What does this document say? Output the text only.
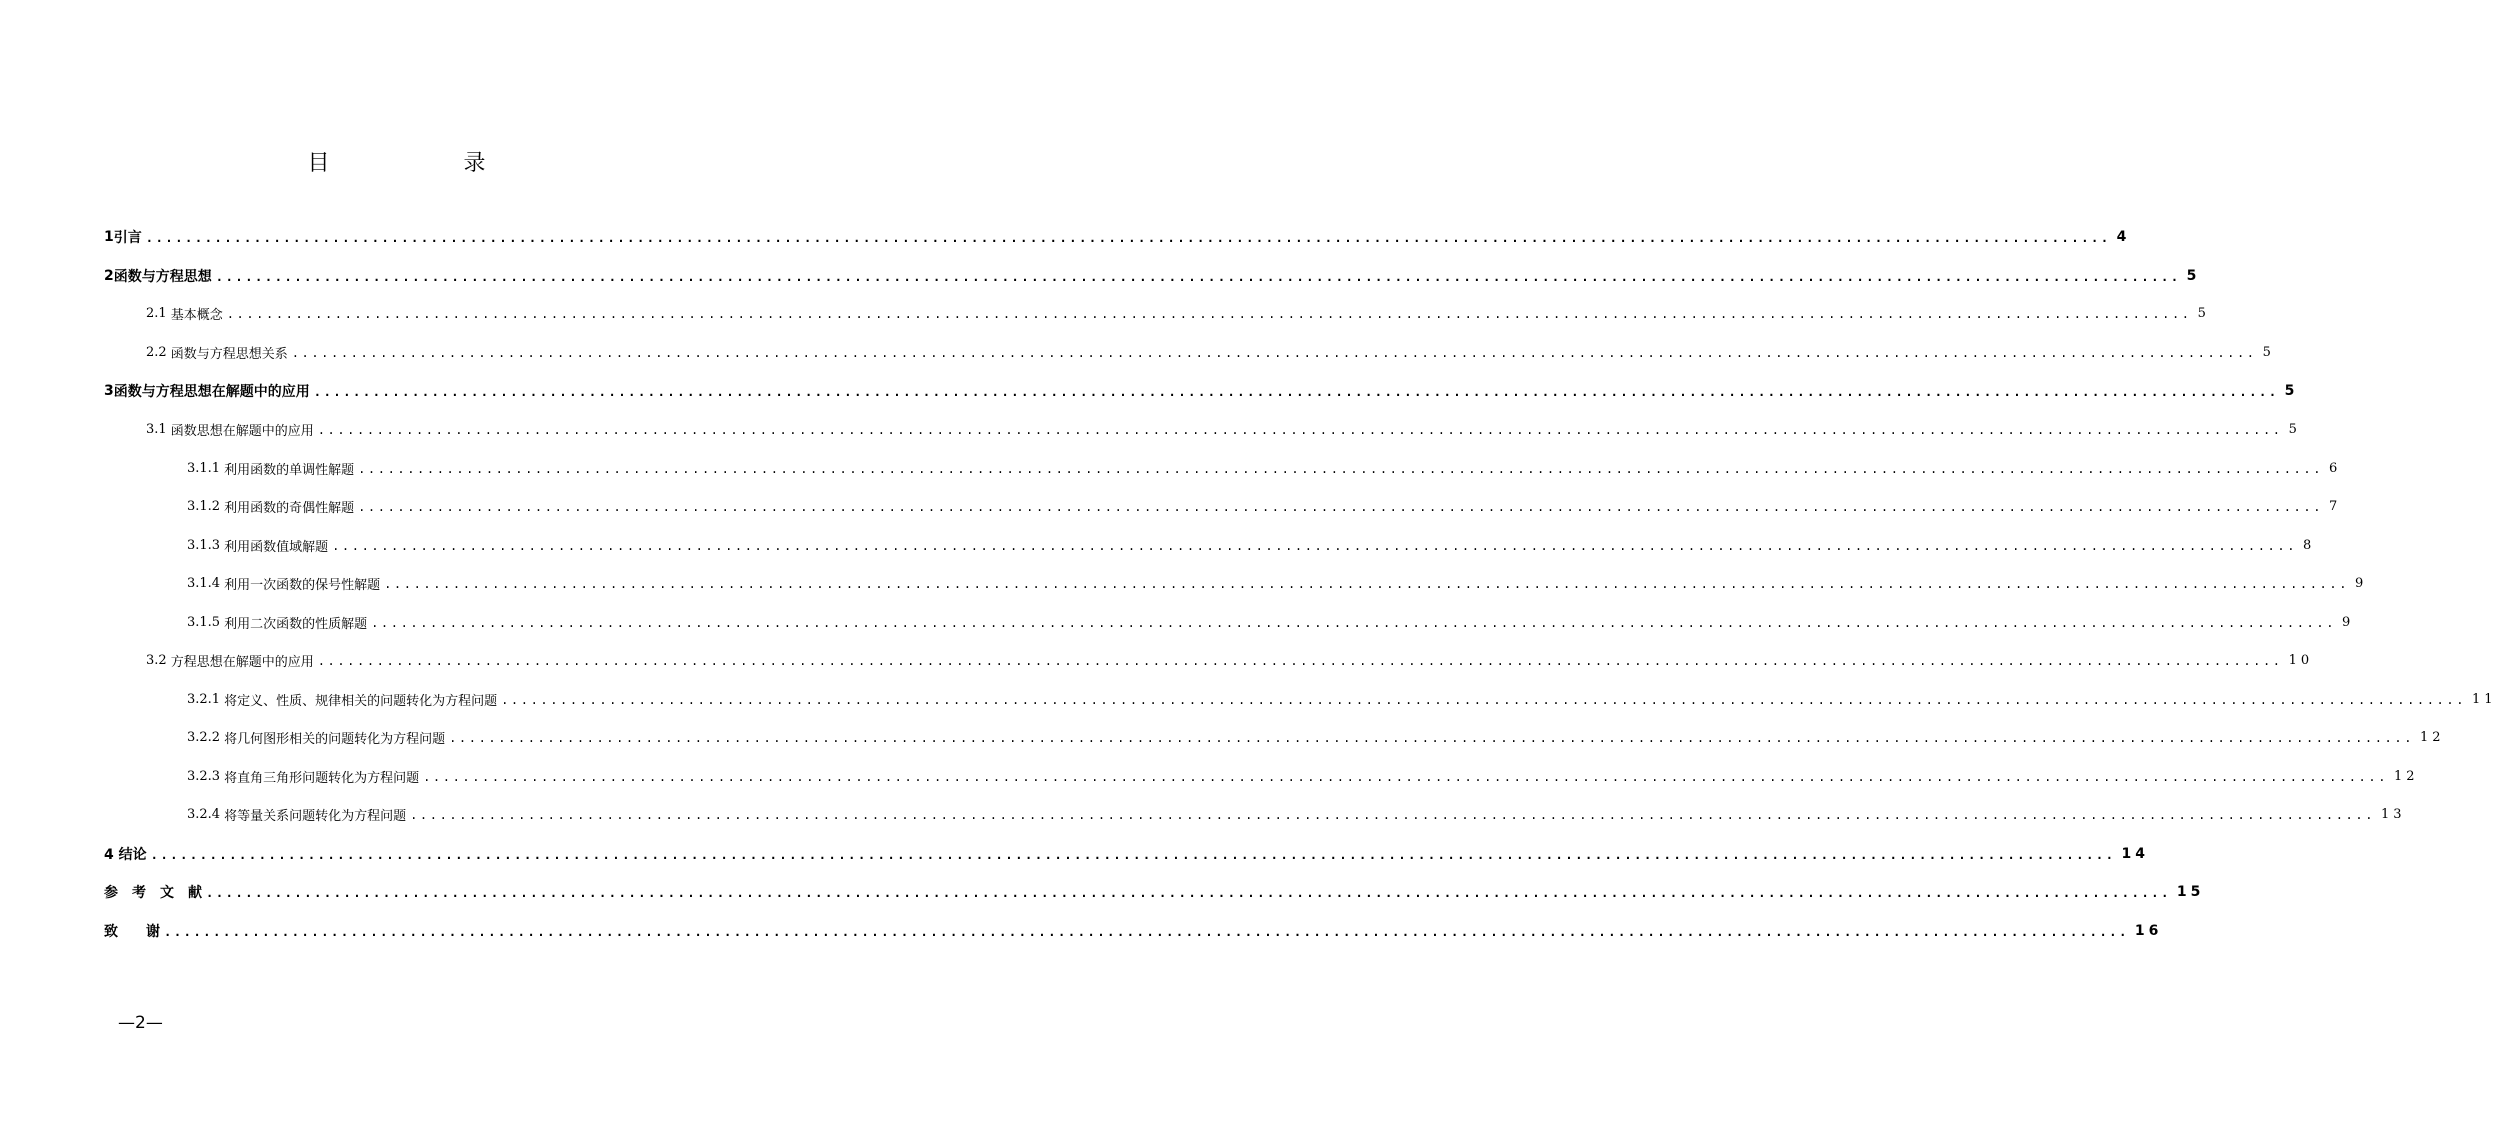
目　　录
1 引言 ........................................................................................................................................................................................................ 4
2 函数与方程思想 ........................................................................................................................................................................................................ 5
2.1 基本概念 ........................................................................................................................................................................................................ 5
2.2 函数与方程思想关系 ........................................................................................................................................................................................................ 5
3 函数与方程思想在解题中的应用 ........................................................................................................................................................................................................ 5
3.1 函数思想在解题中的应用 ........................................................................................................................................................................................................ 5
3.1.1 利用函数的单调性解题 ........................................................................................................................................................................................................ 6
3.1.2 利用函数的奇偶性解题 ........................................................................................................................................................................................................ 7
3.1.3 利用函数值域解题 ........................................................................................................................................................................................................ 8
3.1.4 利用一次函数的保号性解题 ........................................................................................................................................................................................................ 9
3.1.5 利用二次函数的性质解题 ........................................................................................................................................................................................................ 9
3.2 方程思想在解题中的应用 ........................................................................................................................................................................................................ 10
3.2.1 将定义、性质、规律相关的问题转化为方程问题 ........................................................................................................................................................................................................ 11
3.2.2 将几何图形相关的问题转化为方程问题 ........................................................................................................................................................................................................ 12
3.2.3 将直角三角形问题转化为方程问题 ........................................................................................................................................................................................................ 12
3.2.4 将等量关系问题转化为方程问题 ........................................................................................................................................................................................................ 13
4 结论 ........................................................................................................................................................................................................ 14
参　考　文　献 ........................................................................................................................................................................................................ 15
致　　谢 ........................................................................................................................................................................................................ 16
—2—
